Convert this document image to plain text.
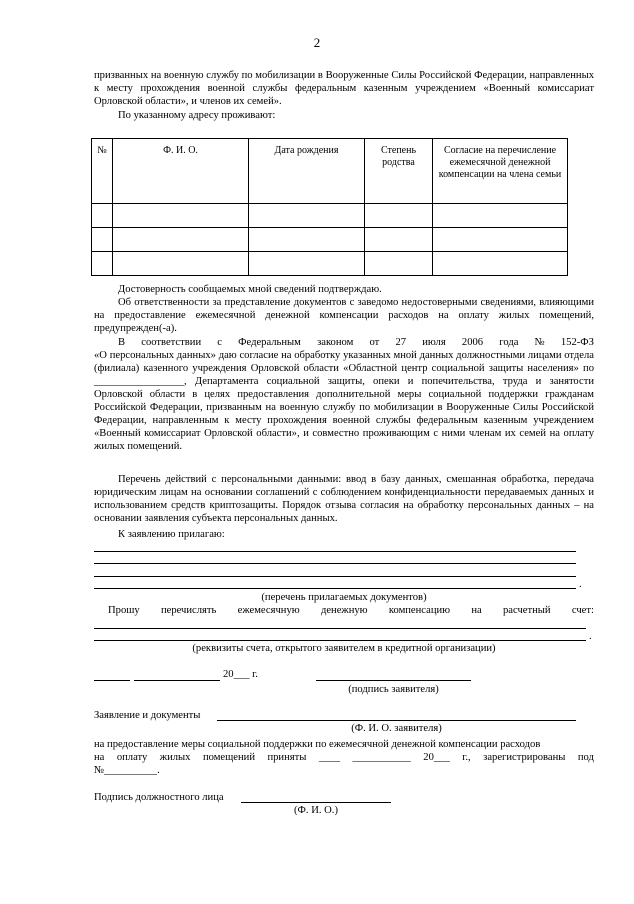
2

призванных на военную службу по мобилизации в Вооруженные Силы Российской Федерации, направленных к месту прохождения военной службы федеральным казенным учреждением «Военный комиссариат Орловской области», и членов их семей».

По указанному адресу проживают:

№	Ф. И. О.	Дата рождения	Степень родства	Согласие на перечисление ежемесячной денежной компенсации на члена семьи

Достоверность сообщаемых мной сведений подтверждаю.

Об ответственности за представление документов с заведомо недостоверными сведениями, влияющими на предоставление ежемесячной денежной компенсации расходов на оплату жилых помещений, предупрежден(-а).

В соответствии с Федеральным законом от 27 июля 2006 года № 152-ФЗ

«О персональных данных» даю согласие на обработку указанных мной данных должностными лицами отдела (филиала) казенного учреждения Орловской области «Областной центр социальной защиты населения» по _________________, Департамента социальной защиты, опеки и попечительства, труда и занятости Орловской области в целях предоставления дополнительной меры социальной поддержки гражданам Российской Федерации, призванным на военную службу по мобилизации в Вооруженные Силы Российской Федерации, направленным к месту прохождения военной службы федеральным казенным учреждением «Военный комиссариат Орловской области», и совместно проживающим с ними членам их семей на оплату жилых помещений.

Перечень действий с персональными данными: ввод в базу данных, смешанная обработка, передача юридическим лицам на основании соглашений с соблюдением конфиденциальности передаваемых данных и использованием средств криптозащиты. Порядок отзыва согласия на обработку персональных данных – на основании заявления субъекта персональных данных.

К заявлению прилагаю:

.
(перечень прилагаемых документов)
Прошу перечислять ежемесячную денежную компенсацию на расчетный счет:
.
(реквизиты счета, открытого заявителем в кредитной организации)
20___ г.
(подпись заявителя)
Заявление и документы
(Ф. И. О. заявителя)
на предоставление меры социальной поддержки по ежемесячной денежной компенсации расходов
на оплату жилых помещений приняты ____ ___________ 20___ г., зарегистрированы под
№__________.
Подпись должностного лица
(Ф. И. О.)
